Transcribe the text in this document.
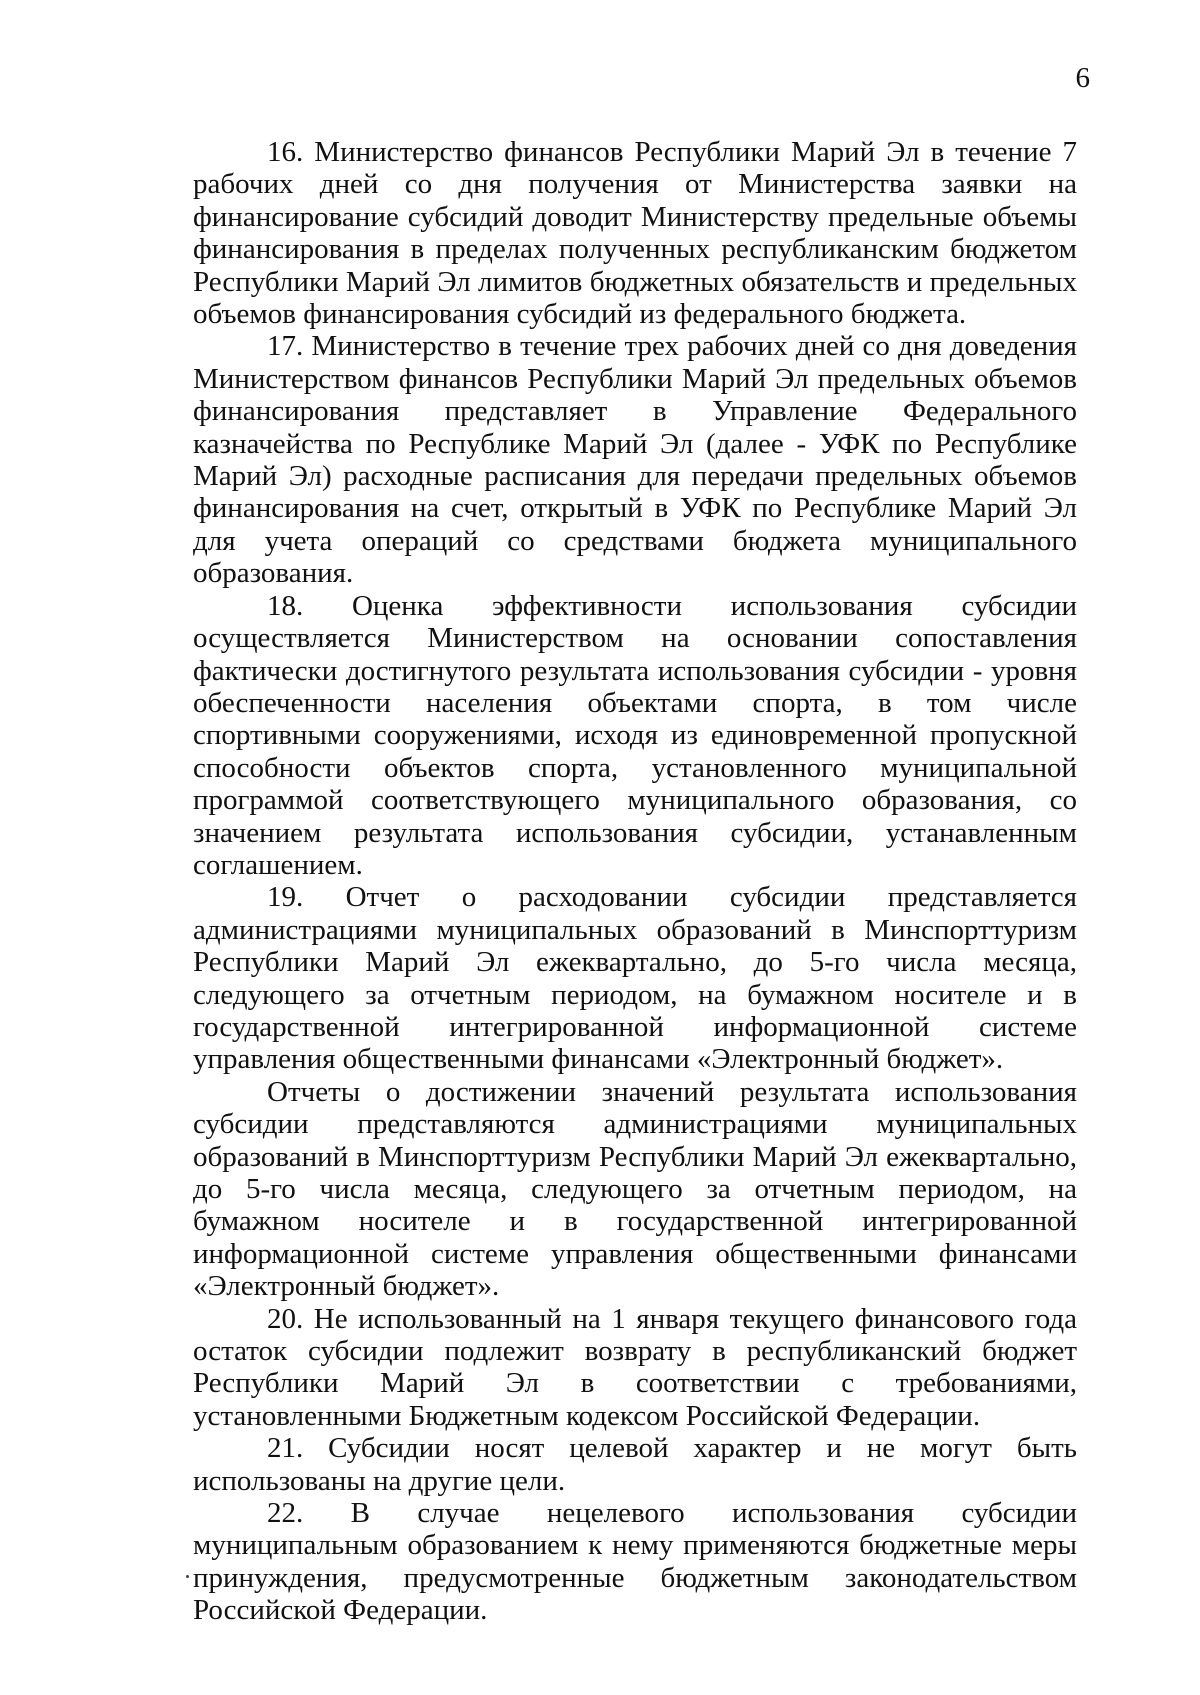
6

16. Министерство финансов Республики Марий Эл в течение 7 рабочих дней со дня получения от Министерства заявки на финансирование субсидий доводит Министерству предельные объемы финансирования в пределах полученных республиканским бюджетом Республики Марий Эл лимитов бюджетных обязательств и предельных объемов финансирования субсидий из федерального бюджета.

17. Министерство в течение трех рабочих дней со дня доведения Министерством финансов Республики Марий Эл предельных объемов финансирования представляет в Управление Федерального казначейства по Республике Марий Эл (далее - УФК по Республике Марий Эл) расходные расписания для передачи предельных объемов финансирования на счет, открытый в УФК по Республике Марий Эл для учета операций со средствами бюджета муниципального образования.

18. Оценка эффективности использования субсидии осуществляется Министерством на основании сопоставления фактически достигнутого результата использования субсидии - уровня обеспеченности населения объектами спорта, в том числе спортивными сооружениями, исходя из единовременной пропускной способности объектов спорта, установленного муниципальной программой соответствующего муниципального образования, со значением результата использования субсидии, устанавленным соглашением.

19. Отчет о расходовании субсидии представляется администрациями муниципальных образований в Минспорттуризм Республики Марий Эл ежеквартально, до 5-го числа месяца, следующего за отчетным периодом, на бумажном носителе и в государственной интегрированной информационной системе управления общественными финансами «Электронный бюджет».

Отчеты о достижении значений результата использования субсидии представляются администрациями муниципальных образований в Минспорттуризм Республики Марий Эл ежеквартально, до 5-го числа месяца, следующего за отчетным периодом, на бумажном носителе и в государственной интегрированной информационной системе управления общественными финансами «Электронный бюджет».

20. Не использованный на 1 января текущего финансового года остаток субсидии подлежит возврату в республиканский бюджет Республики Марий Эл в соответствии с требованиями, установленными Бюджетным кодексом Российской Федерации.

21. Субсидии носят целевой характер и не могут быть использованы на другие цели.

22. В случае нецелевого использования субсидии муниципальным образованием к нему применяются бюджетные меры принуждения, предусмотренные бюджетным законодательством Российской Федерации.
